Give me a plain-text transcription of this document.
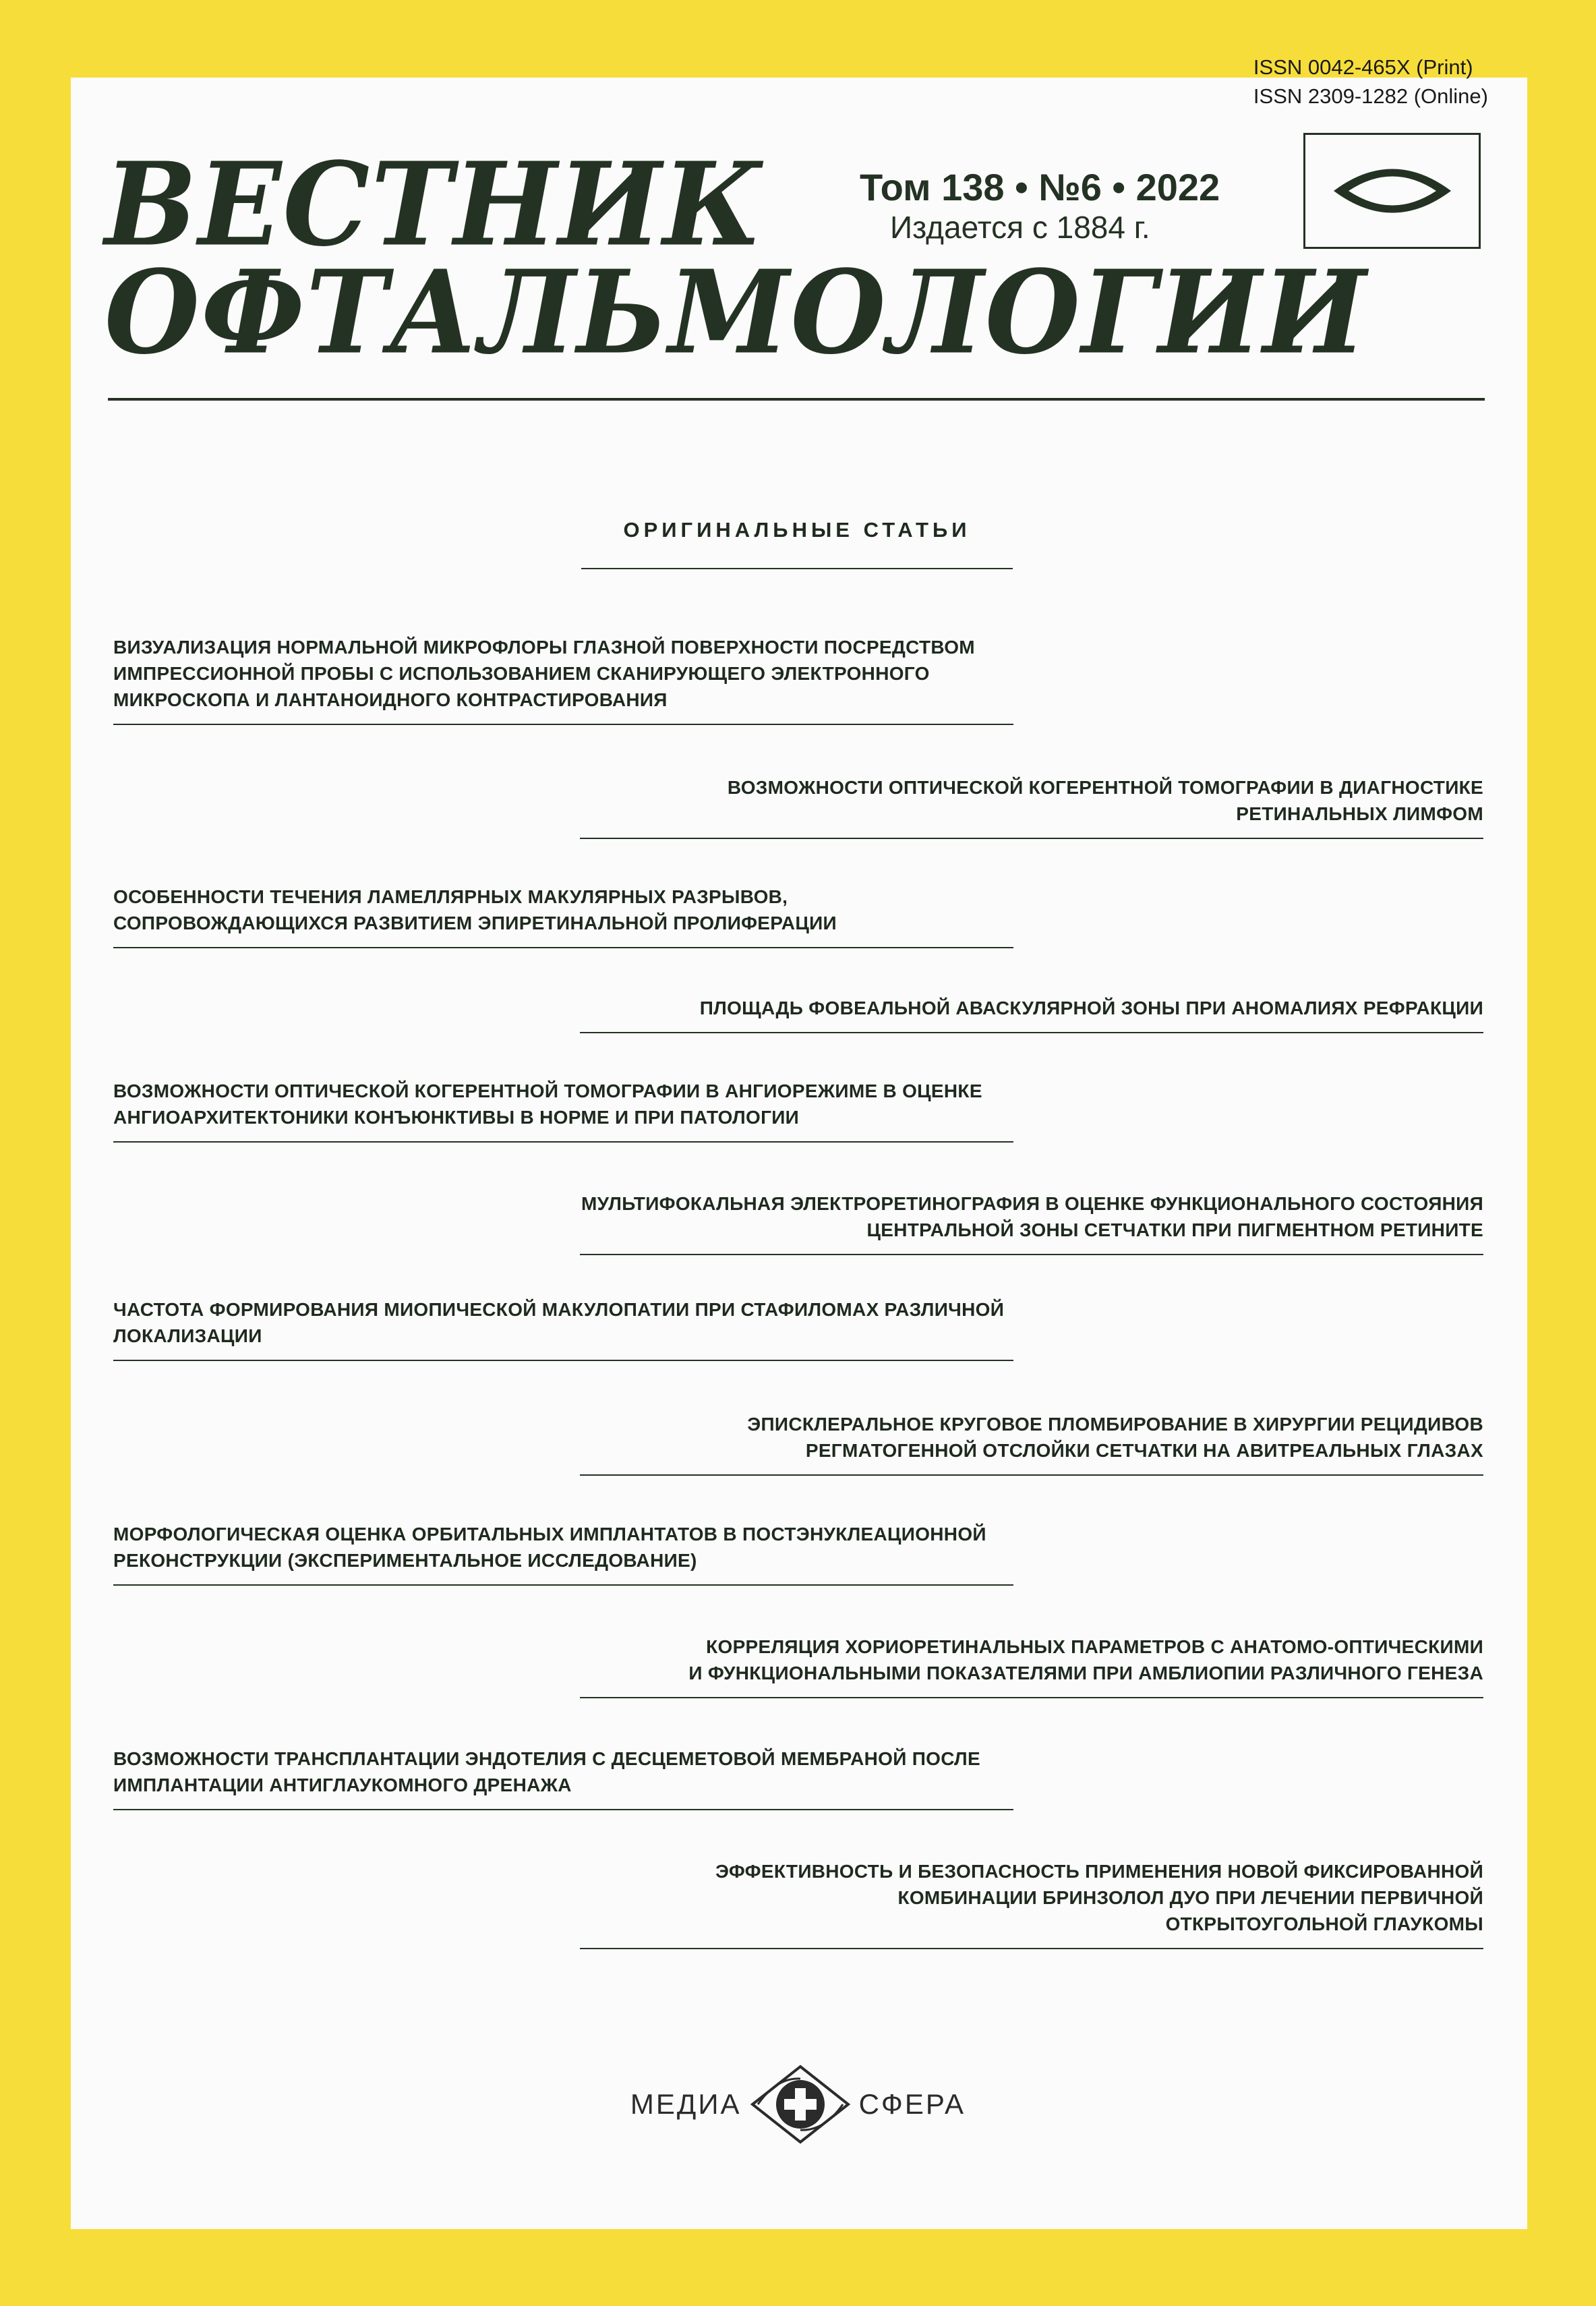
ISSN 0042-465X (Print)
ISSN 2309-1282 (Online)
ВЕСТНИК
ОФТАЛЬМОЛОГИИ
Том 138 • №6 • 2022
Издается с 1884 г.
ОРИГИНАЛЬНЫЕ СТАТЬИ
ВИЗУАЛИЗАЦИЯ НОРМАЛЬНОЙ МИКРОФЛОРЫ ГЛАЗНОЙ ПОВЕРХНОСТИ ПОСРЕДСТВОМ
ИМПРЕССИОННОЙ ПРОБЫ С ИСПОЛЬЗОВАНИЕМ СКАНИРУЮЩЕГО ЭЛЕКТРОННОГО
МИКРОСКОПА И ЛАНТАНОИДНОГО КОНТРАСТИРОВАНИЯ
ВОЗМОЖНОСТИ ОПТИЧЕСКОЙ КОГЕРЕНТНОЙ ТОМОГРАФИИ В ДИАГНОСТИКЕ
РЕТИНАЛЬНЫХ ЛИМФОМ
ОСОБЕННОСТИ ТЕЧЕНИЯ ЛАМЕЛЛЯРНЫХ МАКУЛЯРНЫХ РАЗРЫВОВ,
СОПРОВОЖДАЮЩИХСЯ РАЗВИТИЕМ ЭПИРЕТИНАЛЬНОЙ ПРОЛИФЕРАЦИИ
ПЛОЩАДЬ ФОВЕАЛЬНОЙ АВАСКУЛЯРНОЙ ЗОНЫ ПРИ АНОМАЛИЯХ РЕФРАКЦИИ
ВОЗМОЖНОСТИ ОПТИЧЕСКОЙ КОГЕРЕНТНОЙ ТОМОГРАФИИ В АНГИОРЕЖИМЕ В ОЦЕНКЕ
АНГИОАРХИТЕКТОНИКИ КОНЪЮНКТИВЫ В НОРМЕ И ПРИ ПАТОЛОГИИ
МУЛЬТИФОКАЛЬНАЯ ЭЛЕКТРОРЕТИНОГРАФИЯ В ОЦЕНКЕ ФУНКЦИОНАЛЬНОГО СОСТОЯНИЯ
ЦЕНТРАЛЬНОЙ ЗОНЫ СЕТЧАТКИ ПРИ ПИГМЕНТНОМ РЕТИНИТЕ
ЧАСТОТА ФОРМИРОВАНИЯ МИОПИЧЕСКОЙ МАКУЛОПАТИИ ПРИ СТАФИЛОМАХ РАЗЛИЧНОЙ
ЛОКАЛИЗАЦИИ
ЭПИСКЛЕРАЛЬНОЕ КРУГОВОЕ ПЛОМБИРОВАНИЕ В ХИРУРГИИ РЕЦИДИВОВ
РЕГМАТОГЕННОЙ ОТСЛОЙКИ СЕТЧАТКИ НА АВИТРЕАЛЬНЫХ ГЛАЗАХ
МОРФОЛОГИЧЕСКАЯ ОЦЕНКА ОРБИТАЛЬНЫХ ИМПЛАНТАТОВ В ПОСТЭНУКЛЕАЦИОННОЙ
РЕКОНСТРУКЦИИ (ЭКСПЕРИМЕНТАЛЬНОЕ ИССЛЕДОВАНИЕ)
КОРРЕЛЯЦИЯ ХОРИОРЕТИНАЛЬНЫХ ПАРАМЕТРОВ С АНАТОМО-ОПТИЧЕСКИМИ
И ФУНКЦИОНАЛЬНЫМИ ПОКАЗАТЕЛЯМИ ПРИ АМБЛИОПИИ РАЗЛИЧНОГО ГЕНЕЗА
ВОЗМОЖНОСТИ ТРАНСПЛАНТАЦИИ ЭНДОТЕЛИЯ С ДЕСЦЕМЕТОВОЙ МЕМБРАНОЙ ПОСЛЕ
ИМПЛАНТАЦИИ АНТИГЛАУКОМНОГО ДРЕНАЖА
ЭФФЕКТИВНОСТЬ И БЕЗОПАСНОСТЬ ПРИМЕНЕНИЯ НОВОЙ ФИКСИРОВАННОЙ
КОМБИНАЦИИ БРИНЗОЛОЛ ДУО ПРИ ЛЕЧЕНИИ ПЕРВИЧНОЙ
ОТКРЫТОУГОЛЬНОЙ ГЛАУКОМЫ
МЕДИА	СФЕРА
